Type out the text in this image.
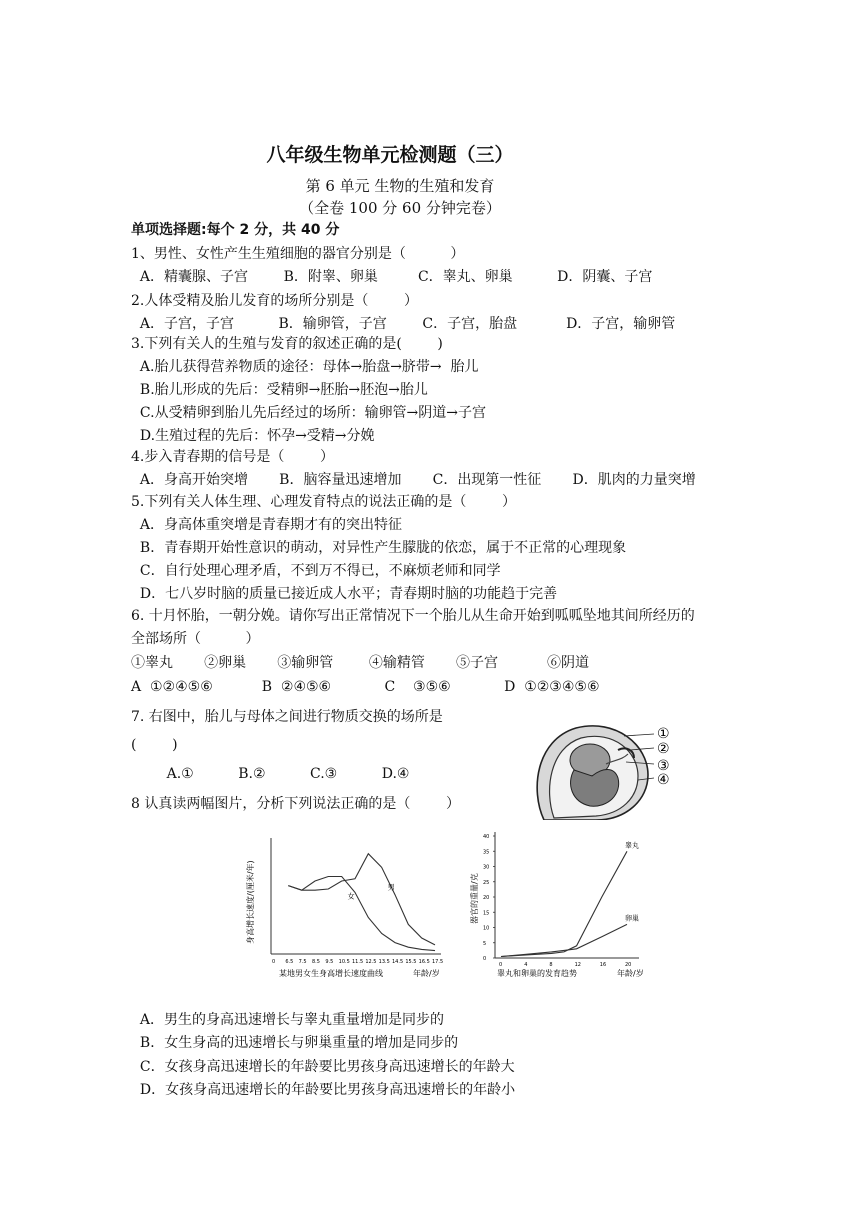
八年级生物单元检测题（三）
第 6 单元 生物的生殖和发育
（全卷 100 分 60 分钟完卷）
单项选择题:每个 2 分，共 40 分
1、男性、女性产生生殖细胞的器官分别是（          ）
A．精囊腺、子宫        B．附睾、卵巢         C．睾丸、卵巢          D．阴囊、子宫
2.人体受精及胎儿发育的场所分别是（        ）
A．子宫，子宫          B．输卵管，子宫        C．子宫，胎盘           D．子宫，输卵管
3.下列有关人的生殖与发育的叙述正确的是(        )
A.胎儿获得营养物质的途径：母体→胎盘→脐带→  胎儿
B.胎儿形成的先后：受精卵→胚胎→胚泡→胎儿
C.从受精卵到胎儿先后经过的场所：输卵管→阴道→子宫
D.生殖过程的先后：怀孕→受精→分娩
4.步入青春期的信号是（        ）
A．身高开始突增       B．脑容量迅速增加       C．出现第一性征       D．肌肉的力量突增
5.下列有关人体生理、心理发育特点的说法正确的是（        ）
A．身高体重突增是青春期才有的突出特征
B．青春期开始性意识的萌动，对异性产生朦胧的依恋，属于不正常的心理现象
C．自行处理心理矛盾，不到万不得已，不麻烦老师和同学
D．七八岁时脑的质量已接近成人水平；青春期时脑的功能趋于完善
6. 十月怀胎，一朝分娩。请你写出正常情况下一个胎儿从生命开始到呱呱坠地其间所经历的
全部场所（          ）
①睾丸       ②卵巢       ③输卵管        ④输精管       ⑤子宫           ⑥阴道
A  ①②④⑤⑥           B  ②④⑤⑥            C    ③⑤⑥            D  ①②③④⑤⑥
7. 右图中，胎儿与母体之间进行物质交换的场所是
(        )
A.①          B.②          C.③          D.④
①
②
③
④
8 认真读两幅图片，分析下列说法正确的是（        ）
身高增长速度/(厘米/年)
0 6.5 7.5 8.5 9.5 10.5 11.5 12.5 13.5 14.5 15.5 16.5 17.5
男
女
年龄/岁
某地男女生身高增长速度曲线
器官的重量/克
0
5
10
15
20
25
30
35
40
0	4	8	12	16	20
睾丸
卵巢
年龄/岁
睾丸和卵巢的发育趋势
A．男生的身高迅速增长与睾丸重量增加是同步的
B．女生身高的迅速增长与卵巢重量的增加是同步的
C．女孩身高迅速增长的年龄要比男孩身高迅速增长的年龄大
D．女孩身高迅速增长的年龄要比男孩身高迅速增长的年龄小
